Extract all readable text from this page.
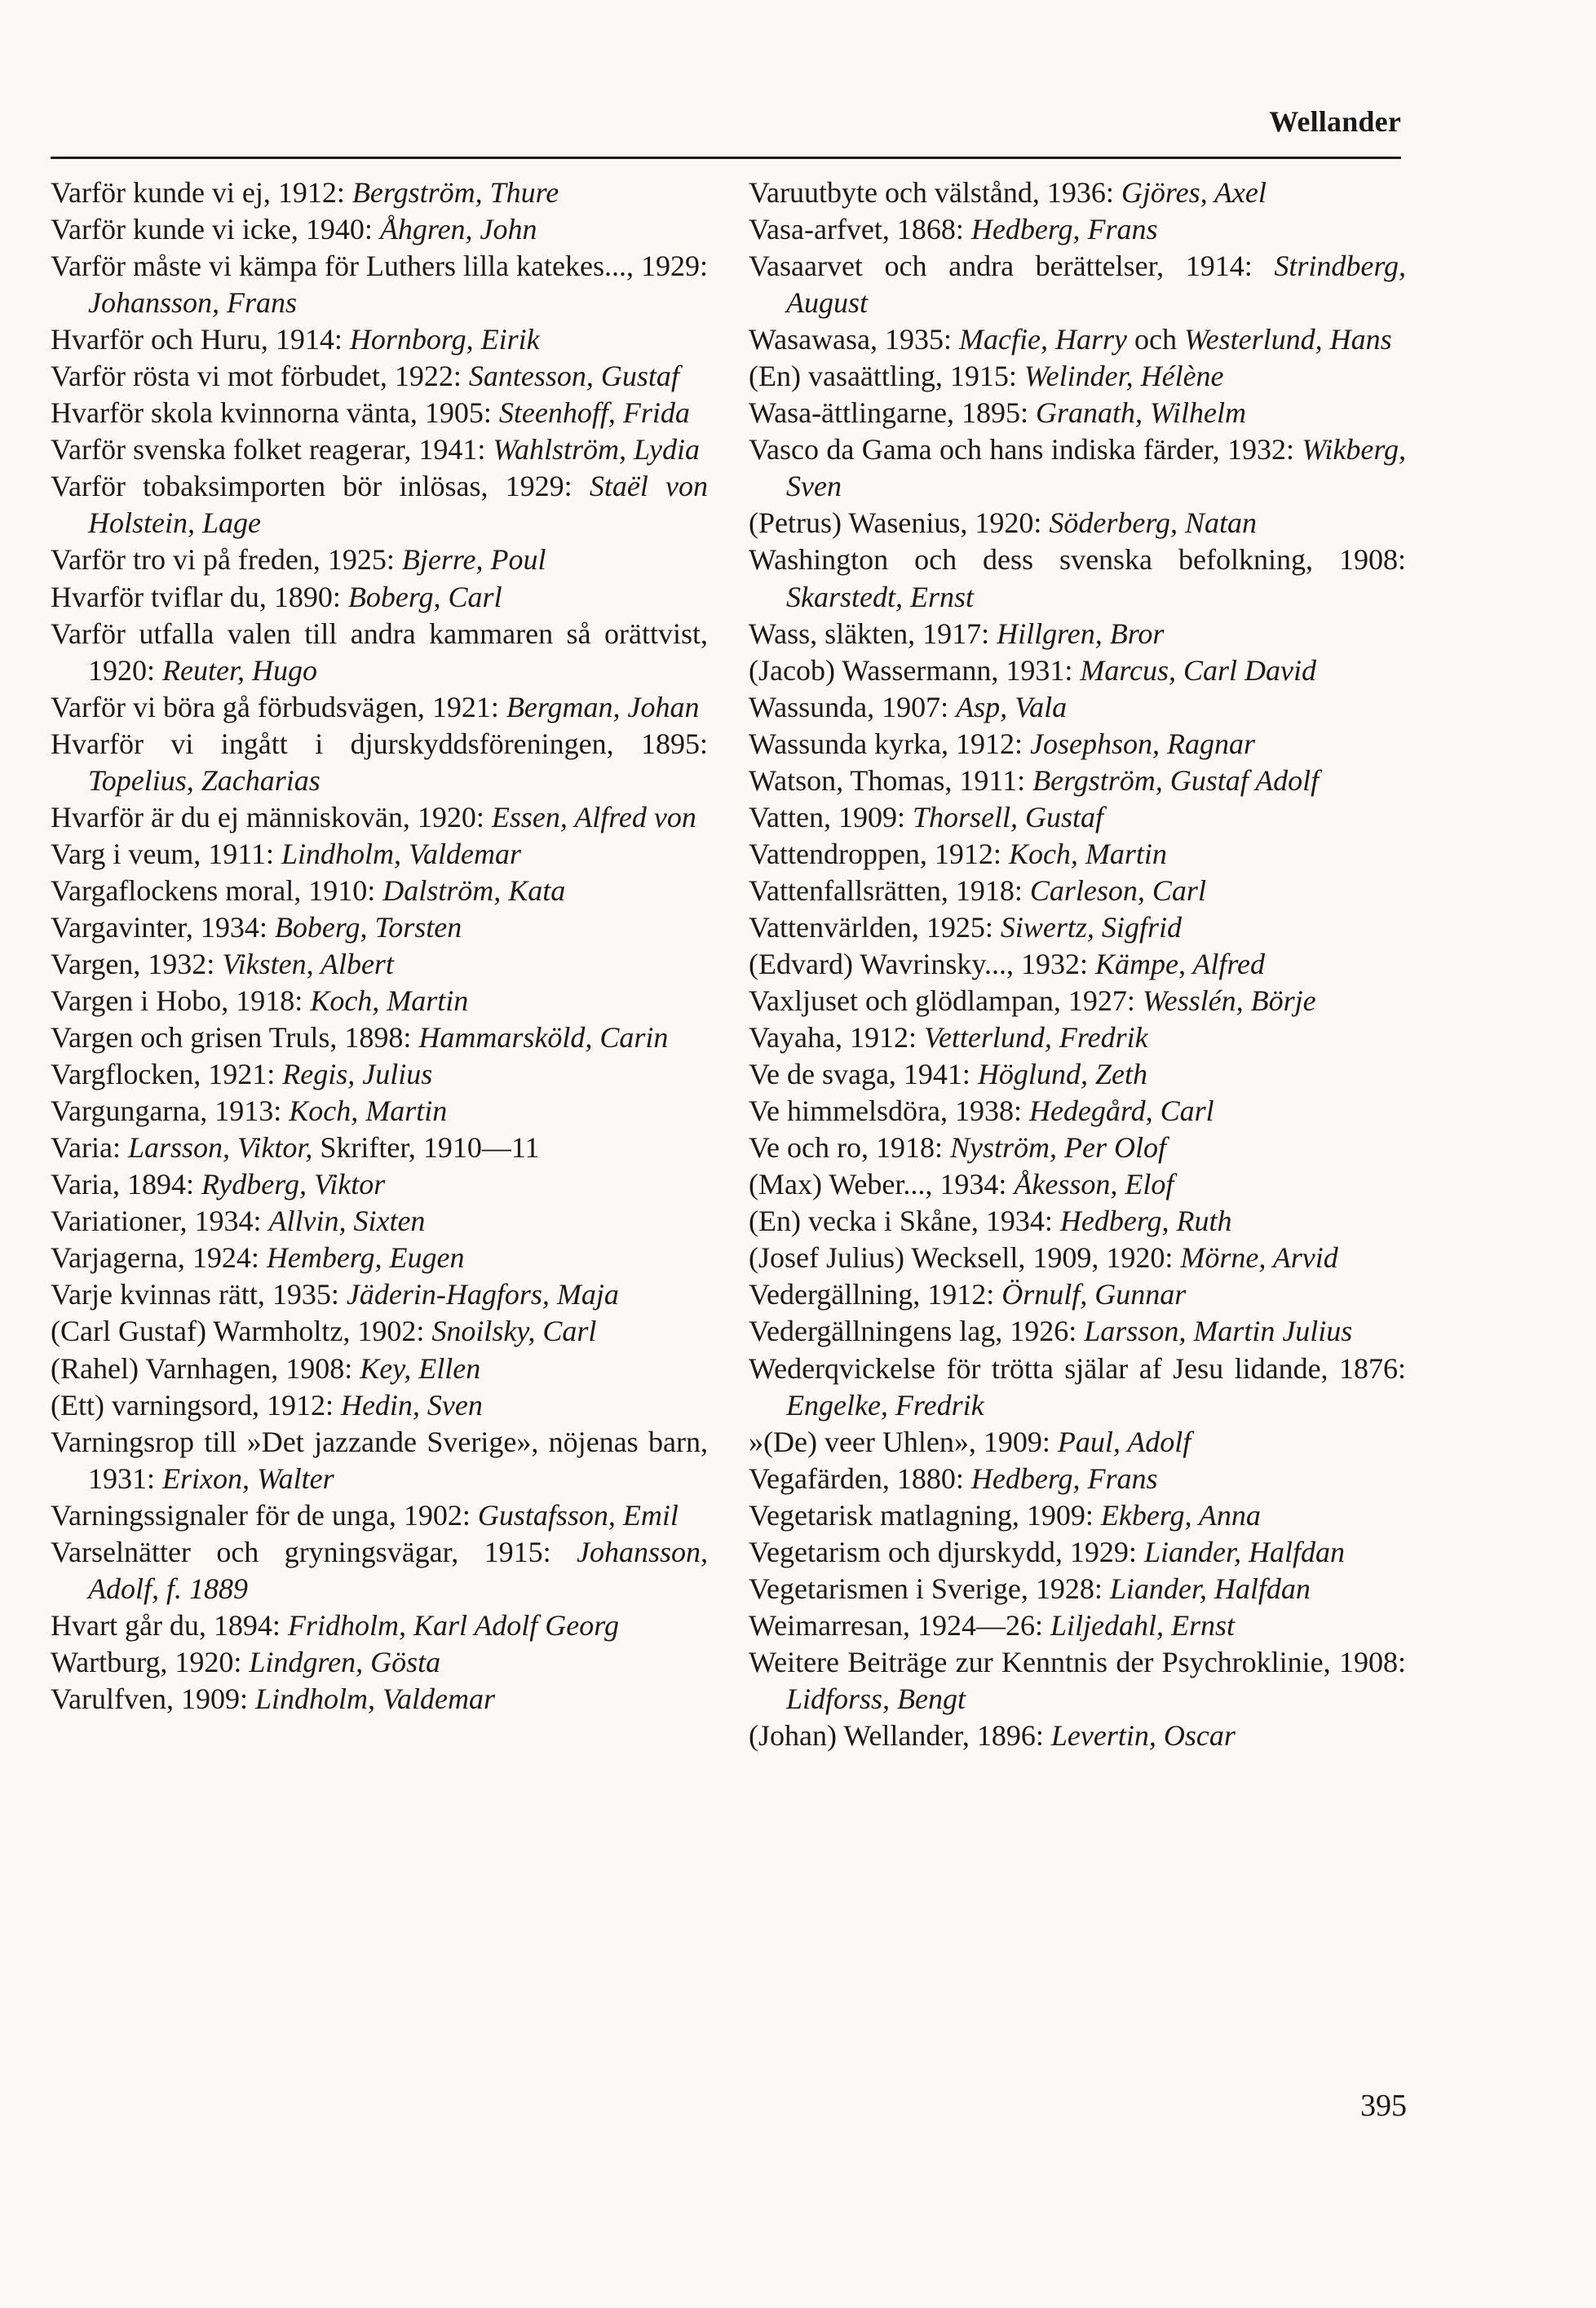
Wellander
Varför kunde vi ej, 1912: Bergström, Thure
Varför kunde vi icke, 1940: Åhgren, John
Varför måste vi kämpa för Luthers lilla katekes..., 1929: Johansson, Frans
Hvarför och Huru, 1914: Hornborg, Eirik
Varför rösta vi mot förbudet, 1922: Santesson, Gustaf
Hvarför skola kvinnorna vänta, 1905: Steenhoff, Frida
Varför svenska folket reagerar, 1941: Wahlström, Lydia
Varför tobaksimporten bör inlösas, 1929: Staël von Holstein, Lage
Varför tro vi på freden, 1925: Bjerre, Poul
Hvarför tviflar du, 1890: Boberg, Carl
Varför utfalla valen till andra kammaren så orättvist, 1920: Reuter, Hugo
Varför vi böra gå förbudsvägen, 1921: Bergman, Johan
Hvarför vi ingått i djurskyddsföreningen, 1895: Topelius, Zacharias
Hvarför är du ej människovän, 1920: Essen, Alfred von
Varg i veum, 1911: Lindholm, Valdemar
Vargaflockens moral, 1910: Dalström, Kata
Vargavinter, 1934: Boberg, Torsten
Vargen, 1932: Viksten, Albert
Vargen i Hobo, 1918: Koch, Martin
Vargen och grisen Truls, 1898: Hammarsköld, Carin
Vargflocken, 1921: Regis, Julius
Vargungarna, 1913: Koch, Martin
Varia: Larsson, Viktor, Skrifter, 1910—11
Varia, 1894: Rydberg, Viktor
Variationer, 1934: Allvin, Sixten
Varjagerna, 1924: Hemberg, Eugen
Varje kvinnas rätt, 1935: Jäderin-Hagfors, Maja
(Carl Gustaf) Warmholtz, 1902: Snoilsky, Carl
(Rahel) Varnhagen, 1908: Key, Ellen
(Ett) varningsord, 1912: Hedin, Sven
Varningsrop till »Det jazzande Sverige», nöjenas barn, 1931: Erixon, Walter
Varningssignaler för de unga, 1902: Gustafsson, Emil
Varselnätter och gryningsvägar, 1915: Johansson, Adolf, f. 1889
Hvart går du, 1894: Fridholm, Karl Adolf Georg
Wartburg, 1920: Lindgren, Gösta
Varulfven, 1909: Lindholm, Valdemar
Varuutbyte och välstånd, 1936: Gjöres, Axel
Vasa-arfvet, 1868: Hedberg, Frans
Vasaarvet och andra berättelser, 1914: Strindberg, August
Wasawasa, 1935: Macfie, Harry och Westerlund, Hans
(En) vasaättling, 1915: Welinder, Hélène
Wasa-ättlingarne, 1895: Granath, Wilhelm
Vasco da Gama och hans indiska färder, 1932: Wikberg, Sven
(Petrus) Wasenius, 1920: Söderberg, Natan
Washington och dess svenska befolkning, 1908: Skarstedt, Ernst
Wass, släkten, 1917: Hillgren, Bror
(Jacob) Wassermann, 1931: Marcus, Carl David
Wassunda, 1907: Asp, Vala
Wassunda kyrka, 1912: Josephson, Ragnar
Watson, Thomas, 1911: Bergström, Gustaf Adolf
Vatten, 1909: Thorsell, Gustaf
Vattendroppen, 1912: Koch, Martin
Vattenfallsrätten, 1918: Carleson, Carl
Vattenvärlden, 1925: Siwertz, Sigfrid
(Edvard) Wavrinsky..., 1932: Kämpe, Alfred
Vaxljuset och glödlampan, 1927: Wesslén, Börje
Vayaha, 1912: Vetterlund, Fredrik
Ve de svaga, 1941: Höglund, Zeth
Ve himmelsdöra, 1938: Hedegård, Carl
Ve och ro, 1918: Nyström, Per Olof
(Max) Weber..., 1934: Åkesson, Elof
(En) vecka i Skåne, 1934: Hedberg, Ruth
(Josef Julius) Wecksell, 1909, 1920: Mörne, Arvid
Vedergällning, 1912: Örnulf, Gunnar
Vedergällningens lag, 1926: Larsson, Martin Julius
Wederqvickelse för trötta själar af Jesu lidande, 1876: Engelke, Fredrik
»(De) veer Uhlen», 1909: Paul, Adolf
Vegafärden, 1880: Hedberg, Frans
Vegetarisk matlagning, 1909: Ekberg, Anna
Vegetarism och djurskydd, 1929: Liander, Halfdan
Vegetarismen i Sverige, 1928: Liander, Halfdan
Weimarresan, 1924—26: Liljedahl, Ernst
Weitere Beiträge zur Kenntnis der Psychroklinie, 1908: Lidforss, Bengt
(Johan) Wellander, 1896: Levertin, Oscar
395
